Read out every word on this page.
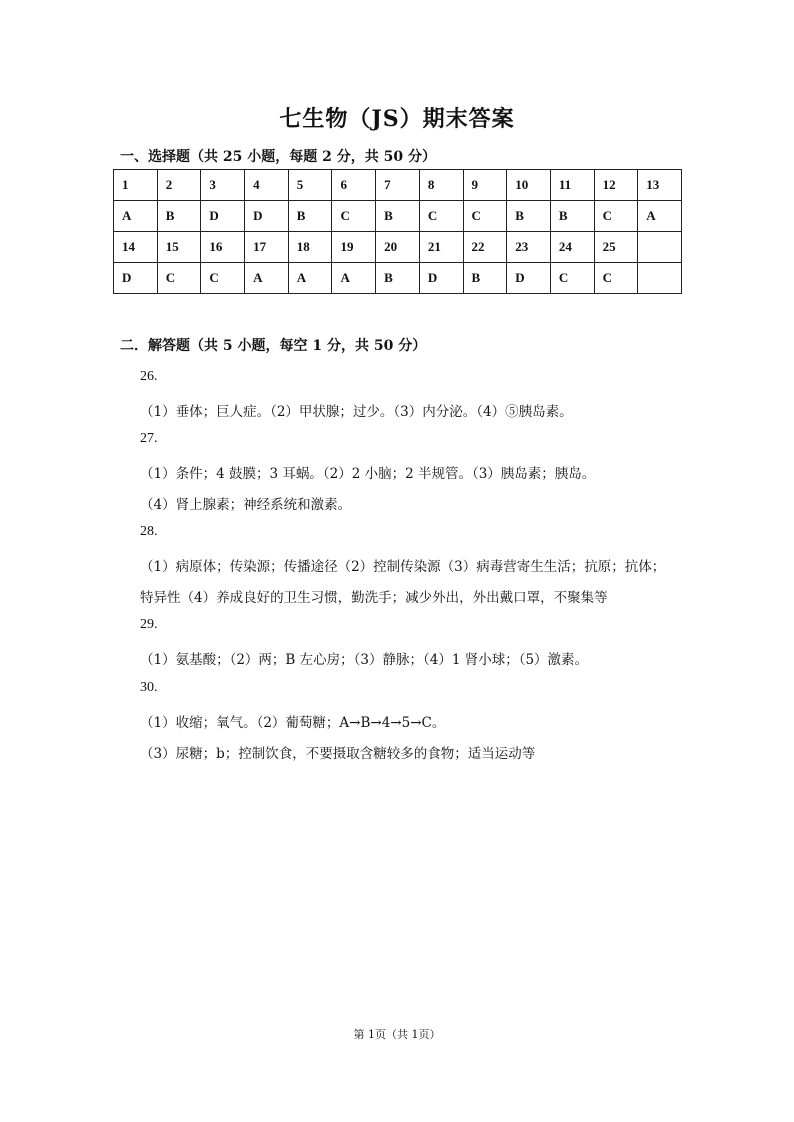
七生物（JS）期末答案
一、选择题（共 25 小题，每题 2 分，共 50 分）
1	2	3	4	5	6	7	8	9	10	11	12	13
A	B	D	D	B	C	B	C	C	B	B	C	A
14	15	16	17	18	19	20	21	22	23	24	25	
D	C	C	A	A	A	B	D	B	D	C	C	
二．解答题（共 5 小题，每空 1 分，共 50 分）
26.
（1）垂体；巨人症。（2）甲状腺；过少。（3）内分泌。（4）⑤胰岛素。
27.
（1）条件；4 鼓膜；3 耳蜗。（2）2 小脑；2 半规管。（3）胰岛素；胰岛。
（4）肾上腺素；神经系统和激素。
28.
（1）病原体；传染源；传播途径（2）控制传染源（3）病毒营寄生生活；抗原；抗体；
特异性（4）养成良好的卫生习惯，勤洗手；减少外出，外出戴口罩，不聚集等
29.
（1）氨基酸；（2）两；B 左心房；（3）静脉；（4）1 肾小球；（5）激素。
30.
（1）收缩；氧气。（2）葡萄糖；A→B→4→5→C。
（3）尿糖；b；控制饮食，不要摄取含糖较多的食物；适当运动等
第 1页（共 1页）
